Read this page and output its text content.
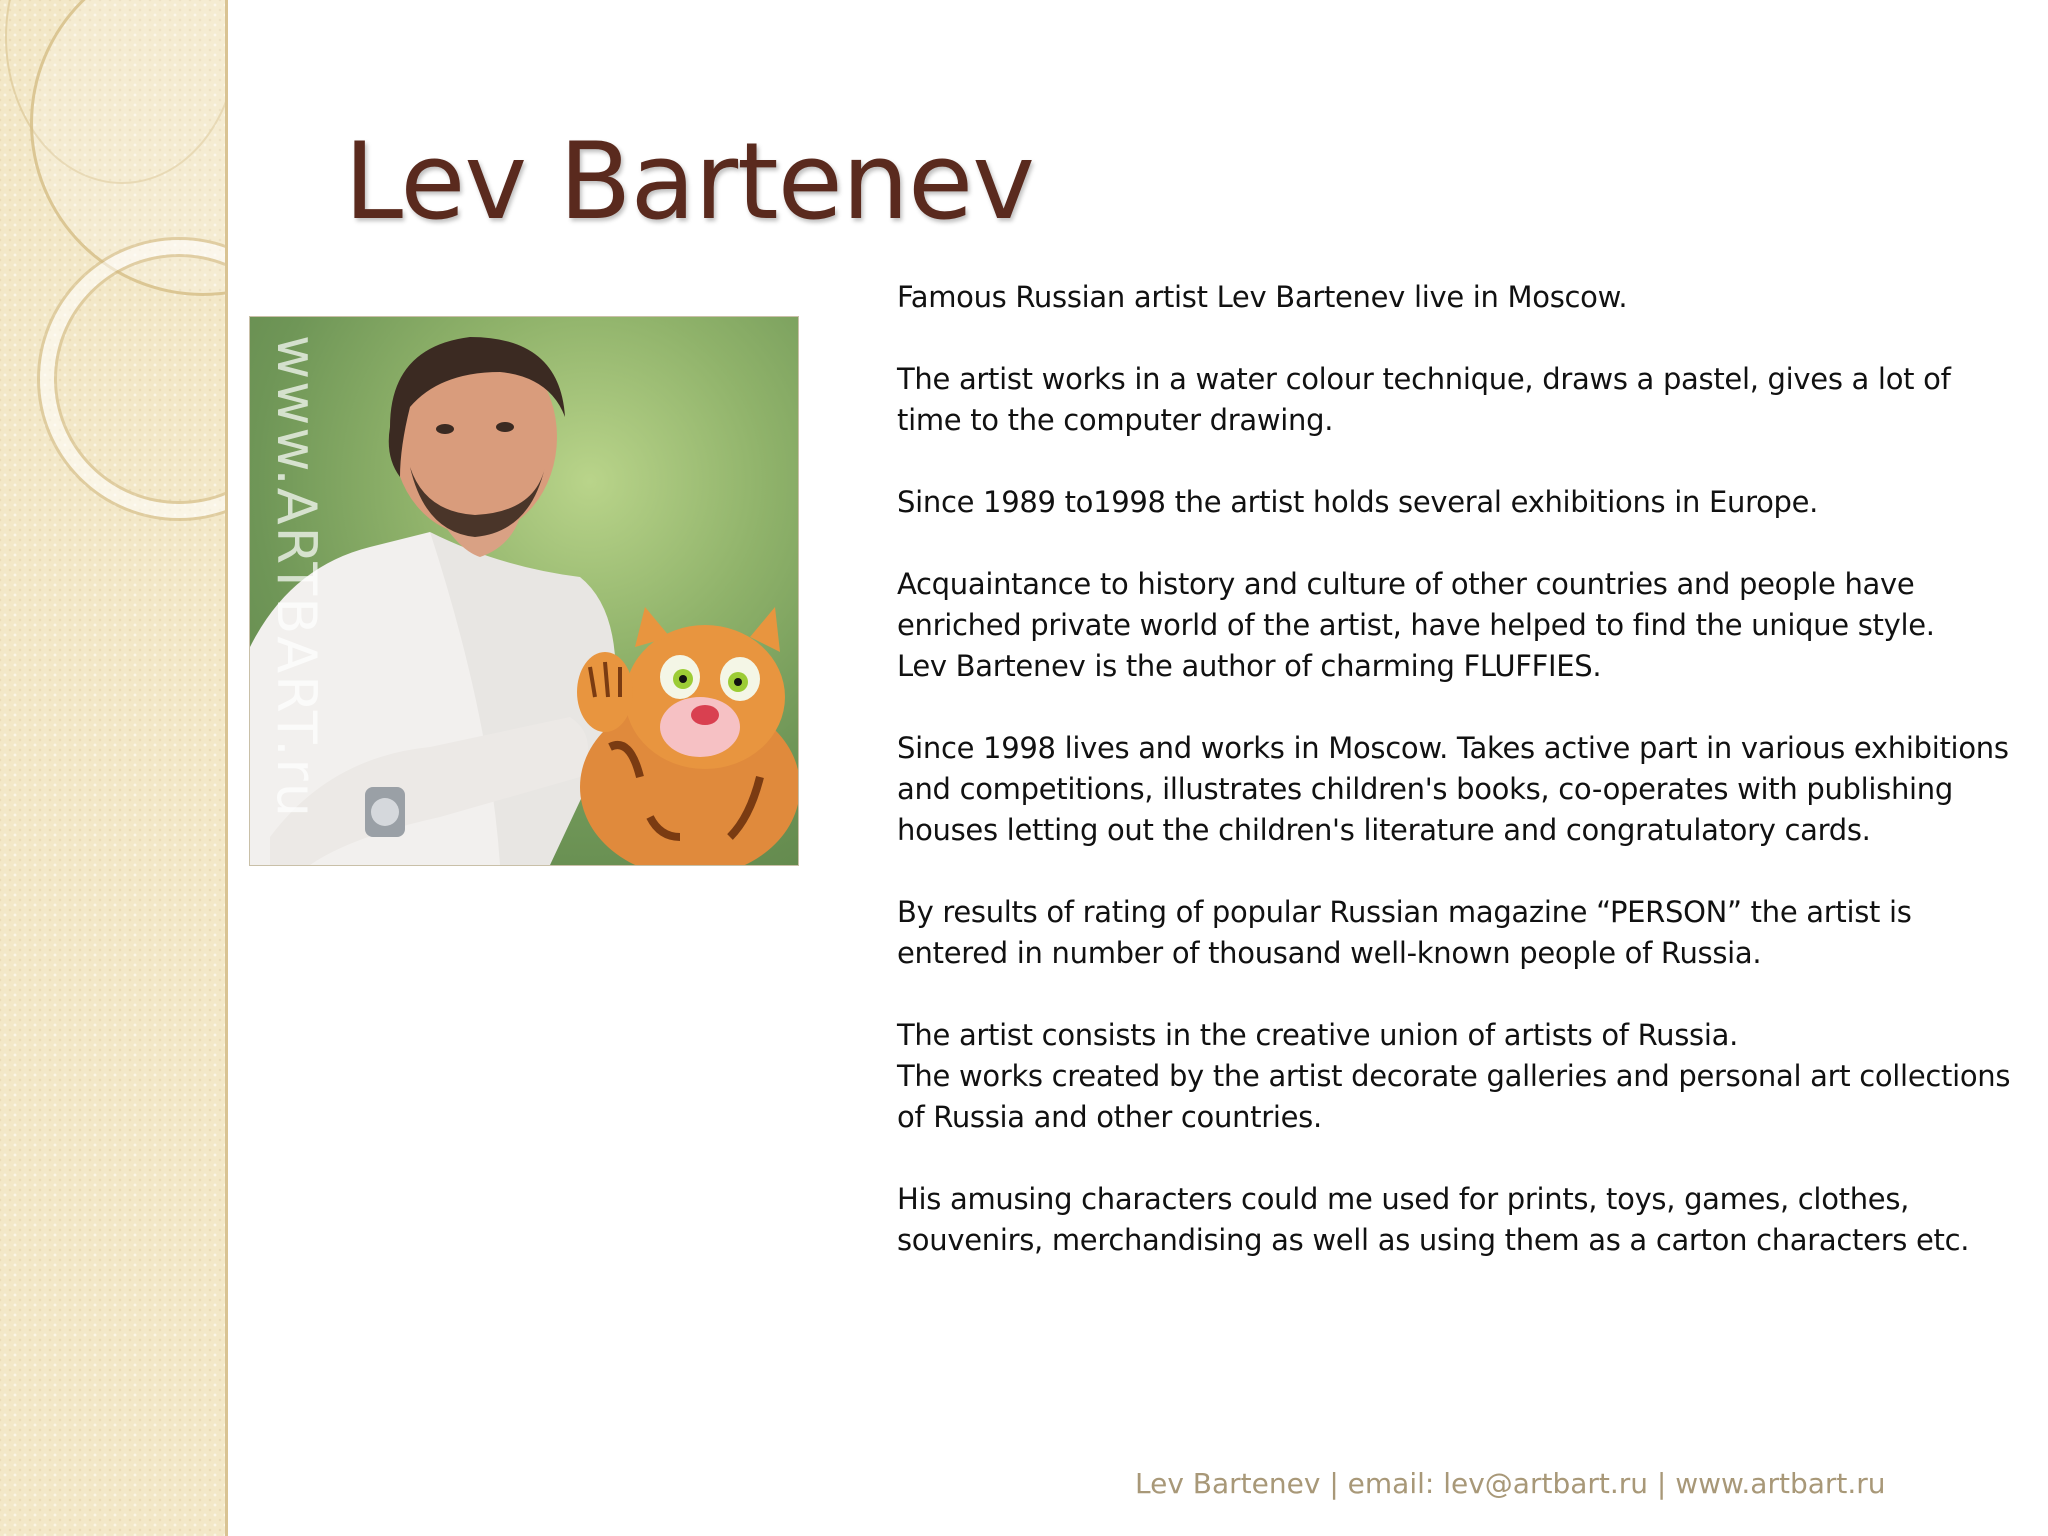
Lev Bartenev
www.ARTBART.ru

Famous Russian artist Lev Bartenev live in Moscow.

The artist works in a water colour technique, draws a pastel, gives a lot of
time to the computer drawing.

Since 1989 to1998 the artist holds several exhibitions in Europe.

Acquaintance to history and culture of other countries and people have
enriched private world of the artist, have helped to find the unique style.
Lev Bartenev is the author of charming FLUFFIES.

Since 1998 lives and works in Moscow. Takes active part in various exhibitions
and competitions, illustrates children's books, co-operates with publishing
houses letting out the children's literature and congratulatory cards.

By results of rating of popular Russian magazine “PERSON” the artist is
entered in number of thousand well-known people of Russia.

The artist consists in the creative union of artists of Russia.
The works created by the artist decorate galleries and personal art collections
of Russia and other countries.

His amusing characters could me used for prints, toys, games, clothes,
souvenirs, merchandising as well as using them as a carton characters etc.

Lev Bartenev | email: lev@artbart.ru | www.artbart.ru
